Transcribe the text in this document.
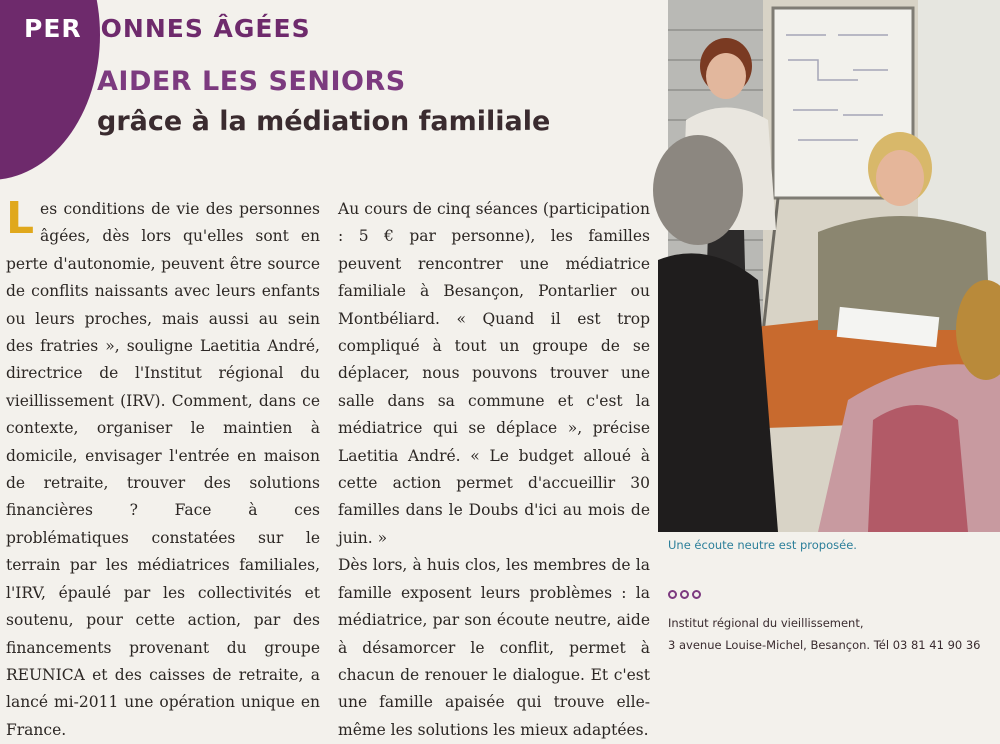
PERSONNES ÂGÉES
AIDER LES SENIORS
grâce à la médiation familiale
L es conditions de vie des personnes âgées, dès lors qu'elles sont en perte d'autonomie, peuvent être source de conflits naissants avec leurs enfants ou leurs proches, mais aussi au sein des fratries », souligne Laetitia André, directrice de l'Institut régional du vieillissement (IRV). Comment, dans ce contexte, organiser le maintien à domicile, envisager l'entrée en maison de retraite, trouver des solutions financières ? Face à ces problématiques constatées sur le terrain par les médiatrices familiales, l'IRV, épaulé par les collectivités et soutenu, pour cette action, par des financements provenant du groupe REUNICA et des caisses de retraite, a lancé mi-2011 une opération unique en France.

Au cours de cinq séances (participation : 5 € par personne), les familles peuvent rencontrer une médiatrice familiale à Besançon, Pontarlier ou Montbéliard. « Quand il est trop compliqué à tout un groupe de se déplacer, nous pouvons trouver une salle dans sa commune et c'est la médiatrice qui se déplace », précise Laetitia André. « Le budget alloué à cette action permet d'accueillir 30 familles dans le Doubs d'ici au mois de juin. »

Dès lors, à huis clos, les membres de la famille exposent leurs problèmes : la médiatrice, par son écoute neutre, aide à désamorcer le conflit, permet à chacun de renouer le dialogue. Et c'est une famille apaisée qui trouve elle-même les solutions les mieux adaptées.

Une écoute neutre est proposée.
Institut régional du vieillissement,
3 avenue Louise-Michel, Besançon. Tél 03 81 41 90 36
